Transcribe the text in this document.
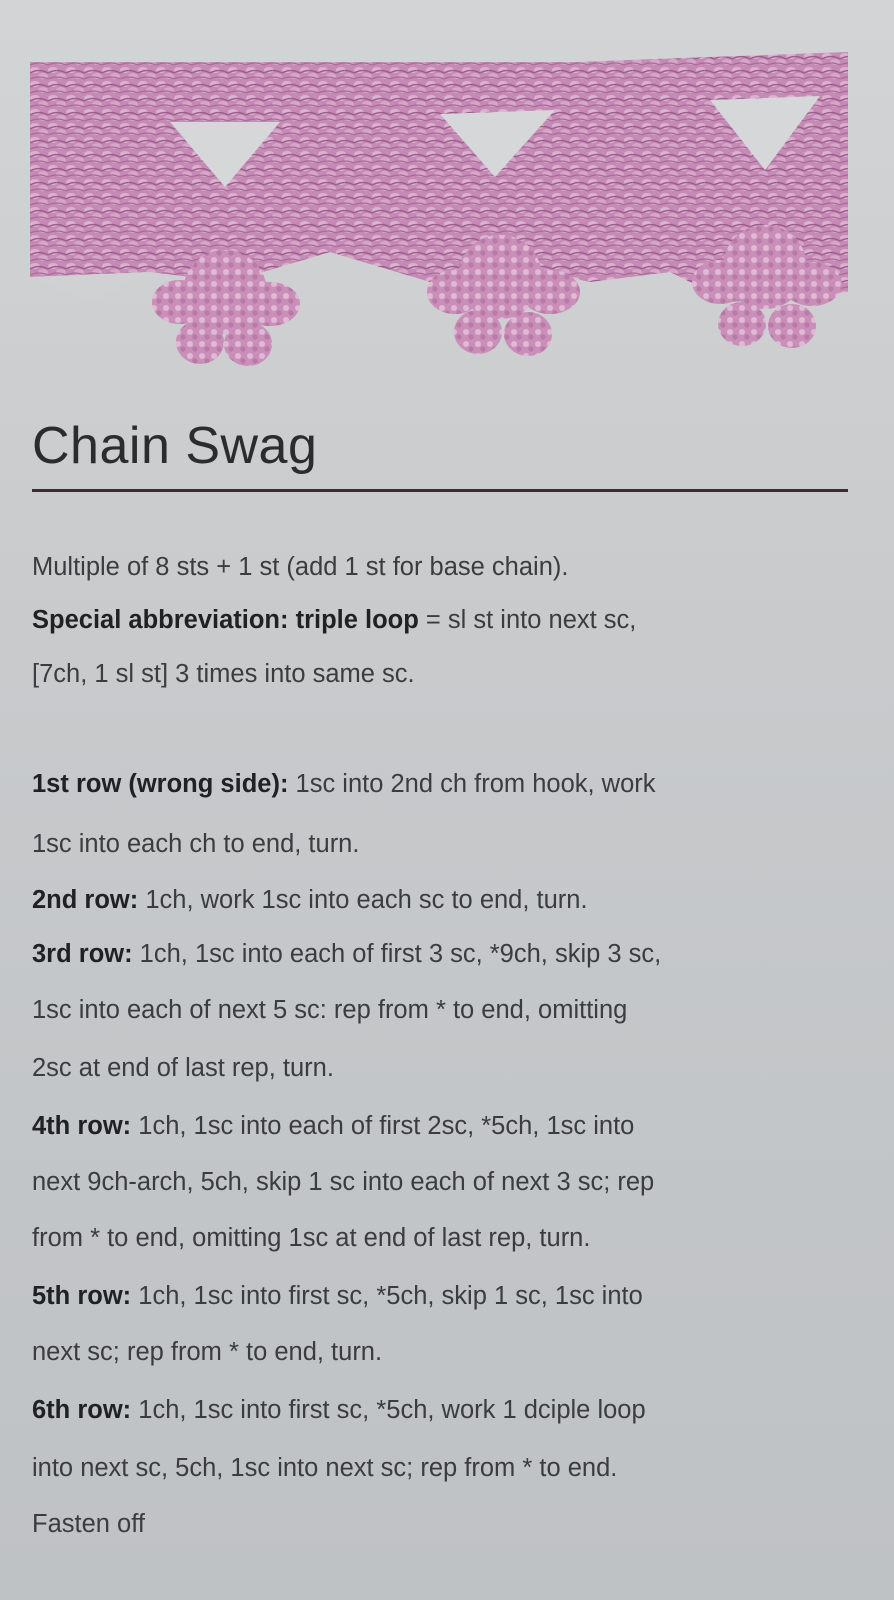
Chain Swag
Multiple of 8 sts + 1 st (add 1 st for base chain).
Special abbreviation: triple loop = sl st into next sc,
[7ch, 1 sl st] 3 times into same sc.
1st row (wrong side): 1sc into 2nd ch from hook, work
1sc into each ch to end, turn.
2nd row: 1ch, work 1sc into each sc to end, turn.
3rd row: 1ch, 1sc into each of first 3 sc, *9ch, skip 3 sc,
1sc into each of next 5 sc: rep from * to end, omitting
2sc at end of last rep, turn.
4th row: 1ch, 1sc into each of first 2sc, *5ch, 1sc into
next 9ch-arch, 5ch, skip 1 sc into each of next 3 sc; rep
from * to end, omitting 1sc at end of last rep, turn.
5th row: 1ch, 1sc into first sc, *5ch, skip 1 sc, 1sc into
next sc; rep from * to end, turn.
6th row: 1ch, 1sc into first sc, *5ch, work 1 dciple loop
into next sc, 5ch, 1sc into next sc; rep from * to end.
Fasten off
